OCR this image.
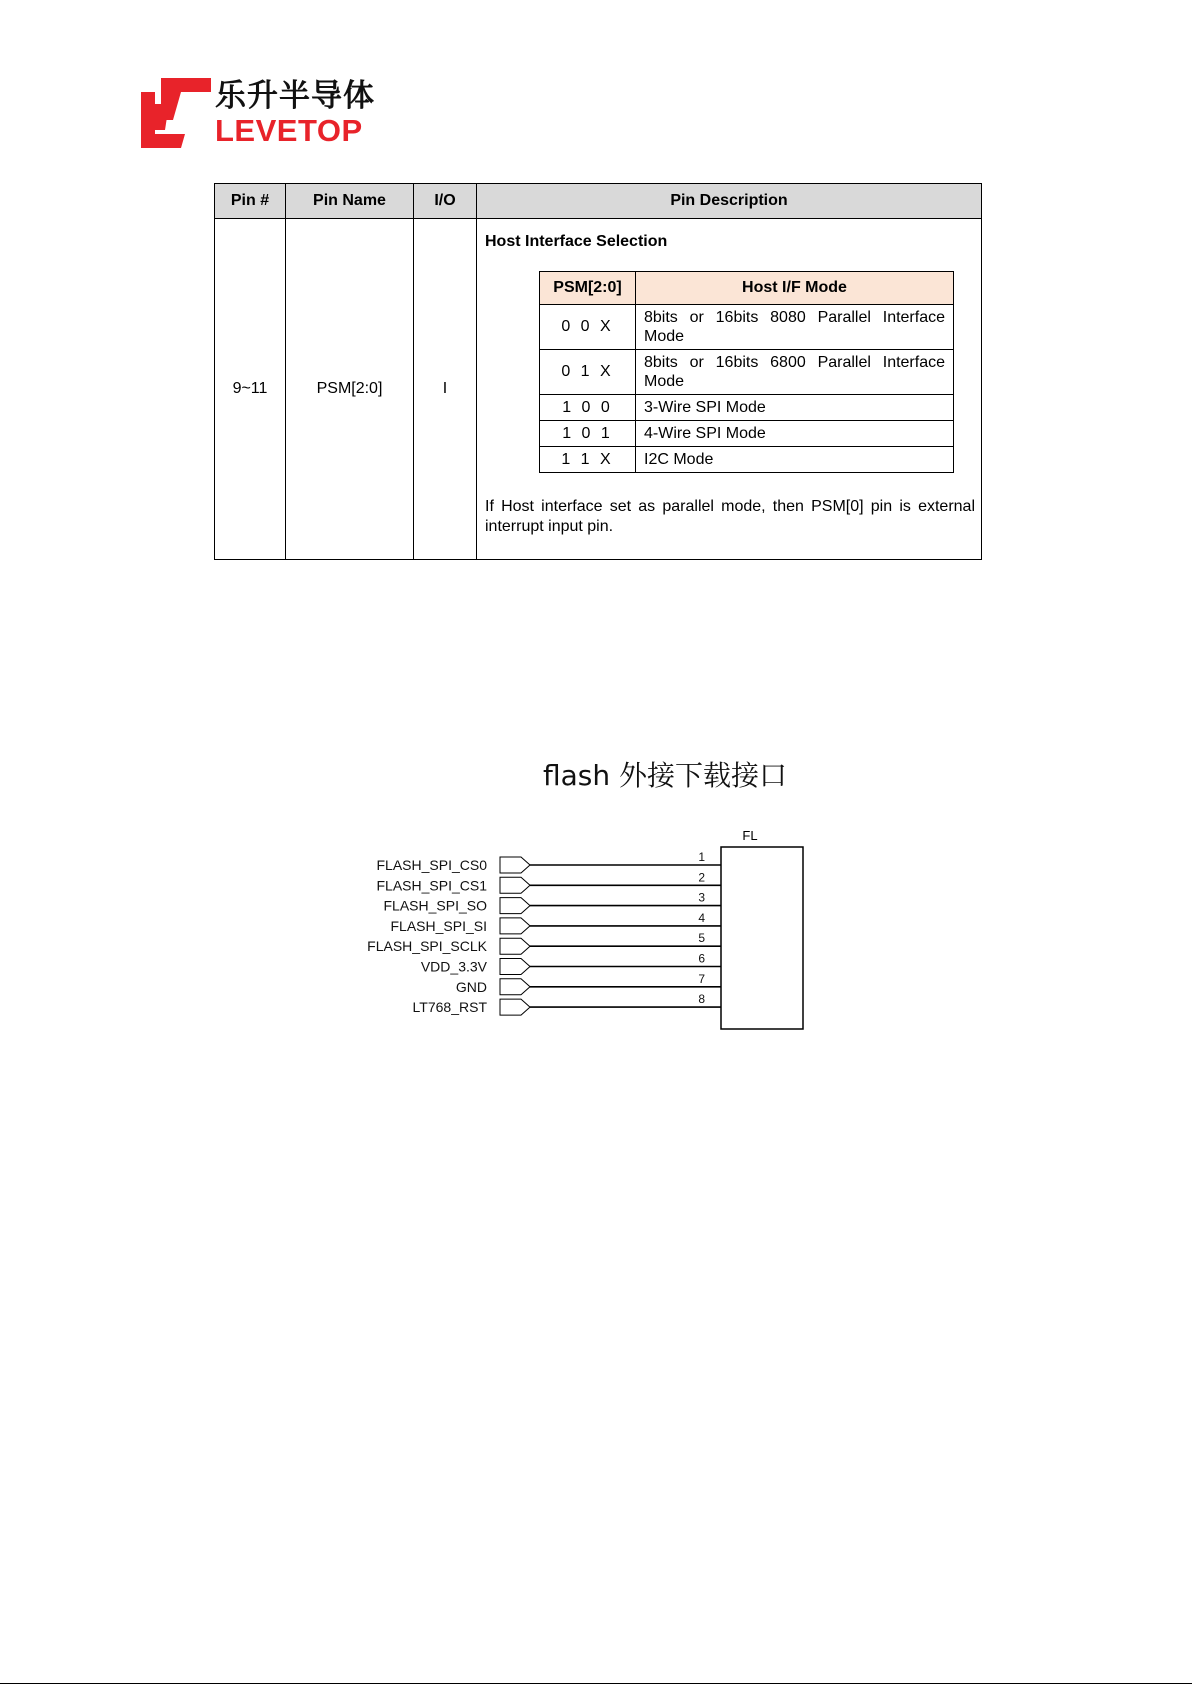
乐升半导体
LEVETOP
Pin #	Pin Name	I/O	Pin Description
9~11	PSM[2:0]	I	
Host Interface Selection
PSM[2:0]	Host I/F Mode
0 0 X	8bits or 16bits 8080 Parallel Interface Mode
0 1 X	8bits or 16bits 6800 Parallel Interface Mode
1 0 0	3-Wire SPI Mode
1 0 1	4-Wire SPI Mode
1 1 X	I2C Mode
If Host interface set as parallel mode, then PSM[0] pin is external interrupt input pin.
flash 外接下载接口
FL
FLASH_SPI_CS0	1
FLASH_SPI_CS1	2
FLASH_SPI_SO	3
FLASH_SPI_SI	4
FLASH_SPI_SCLK	5
VDD_3.3V	6
GND	7
LT768_RST	8
